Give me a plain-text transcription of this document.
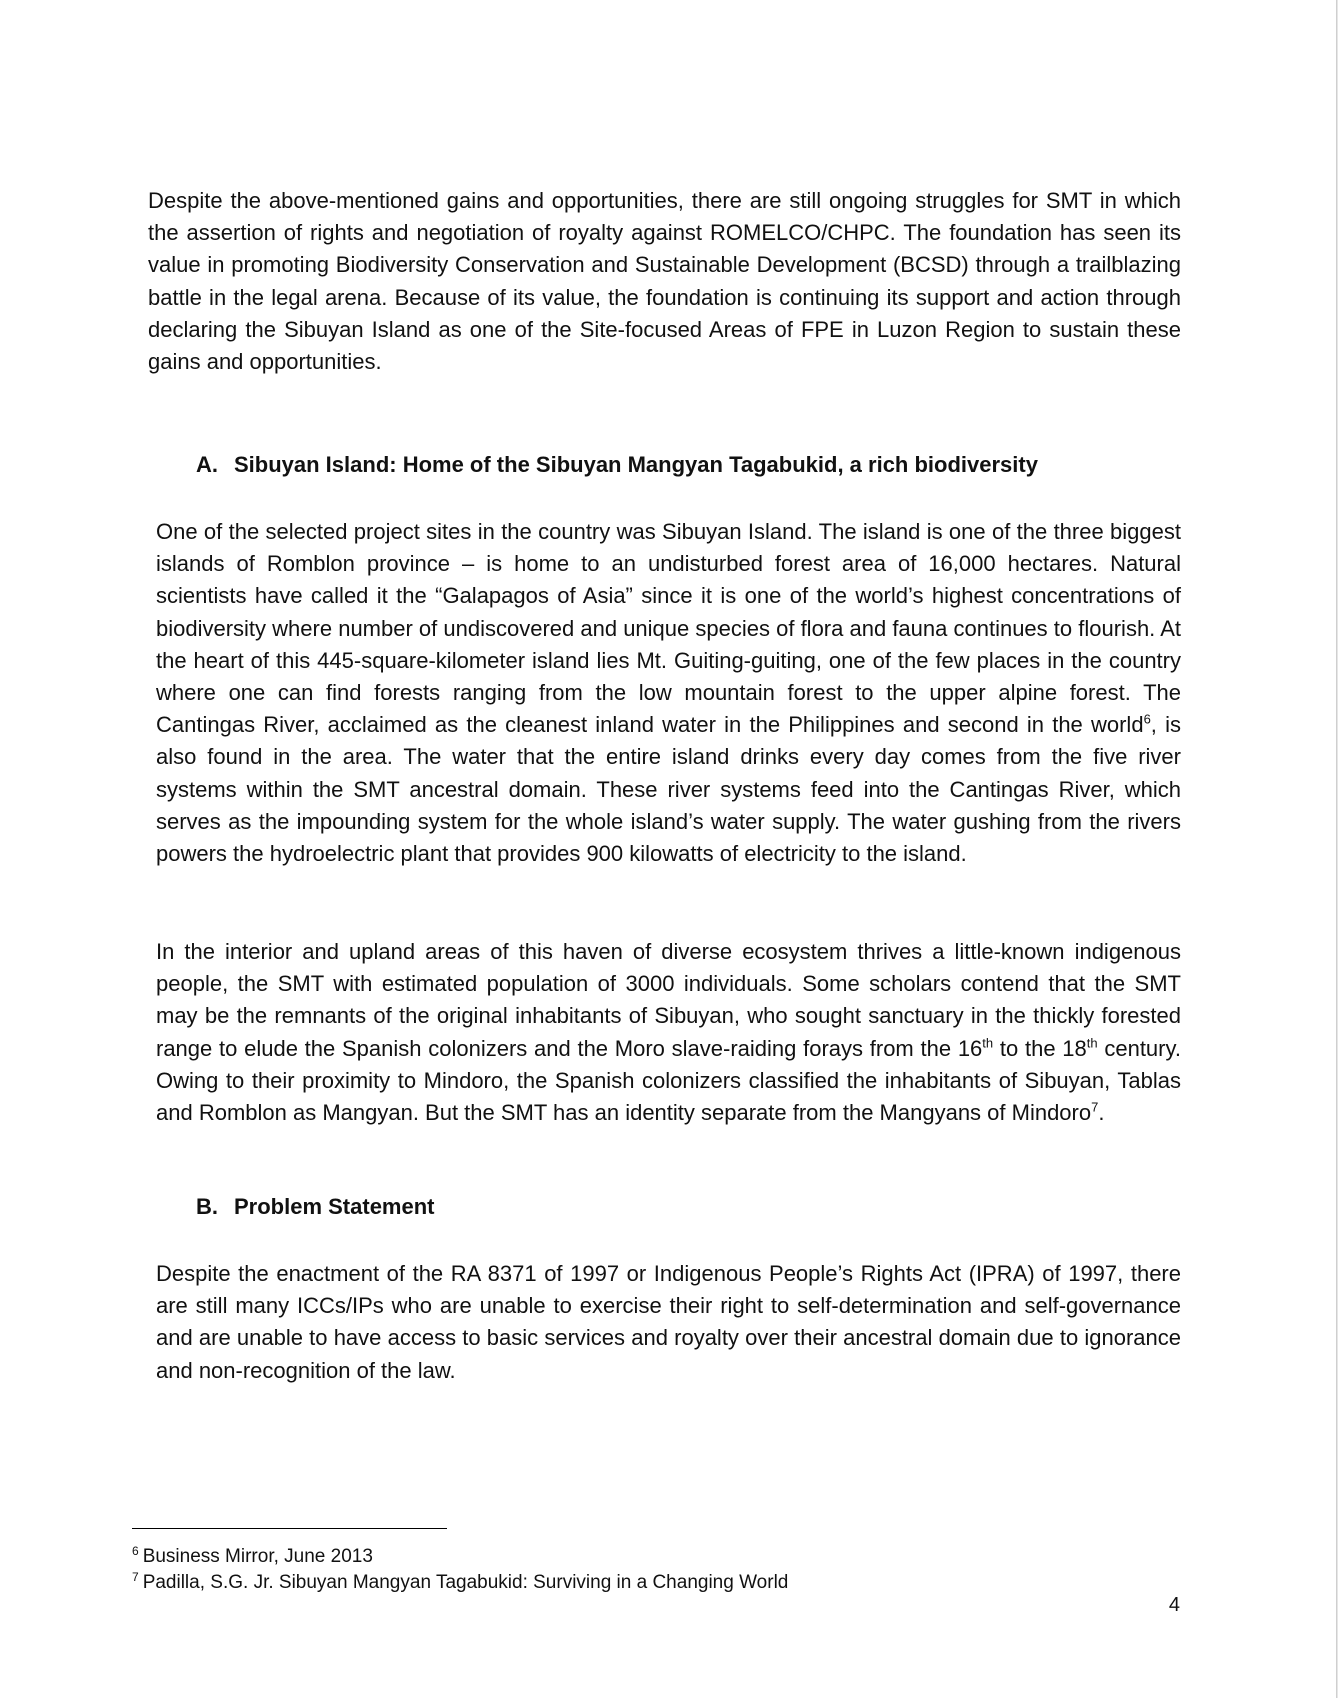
Despite the above-mentioned gains and opportunities, there are still ongoing struggles for SMT in which the assertion of rights and negotiation of royalty against ROMELCO/CHPC. The foundation has seen its value in promoting Biodiversity Conservation and Sustainable Development (BCSD) through a trailblazing battle in the legal arena. Because of its value, the foundation is continuing its support and action through declaring the Sibuyan Island as one of the Site-focused Areas of FPE in Luzon Region to sustain these gains and opportunities.

A. Sibuyan Island: Home of the Sibuyan Mangyan Tagabukid, a rich biodiversity

One of the selected project sites in the country was Sibuyan Island. The island is one of the three biggest islands of Romblon province – is home to an undisturbed forest area of 16,000 hectares. Natural scientists have called it the “Galapagos of Asia” since it is one of the world’s highest concentrations of biodiversity where number of undiscovered and unique species of flora and fauna continues to flourish. At the heart of this 445-square-kilometer island lies Mt. Guiting-guiting, one of the few places in the country where one can find forests ranging from the low mountain forest to the upper alpine forest. The Cantingas River, acclaimed as the cleanest inland water in the Philippines and second in the world$^6$, is also found in the area. The water that the entire island drinks every day comes from the five river systems within the SMT ancestral domain. These river systems feed into the Cantingas River, which serves as the impounding system for the whole island’s water supply. The water gushing from the rivers powers the hydroelectric plant that provides 900 kilowatts of electricity to the island.

In the interior and upland areas of this haven of diverse ecosystem thrives a little-known indigenous people, the SMT with estimated population of 3000 individuals. Some scholars contend that the SMT may be the remnants of the original inhabitants of Sibuyan, who sought sanctuary in the thickly forested range to elude the Spanish colonizers and the Moro slave-raiding forays from the 16th to the 18th century. Owing to their proximity to Mindoro, the Spanish colonizers classified the inhabitants of Sibuyan, Tablas and Romblon as Mangyan. But the SMT has an identity separate from the Mangyans of Mindoro$^7$.

B. Problem Statement

Despite the enactment of the RA 8371 of 1997 or Indigenous People’s Rights Act (IPRA) of 1997, there are still many ICCs/IPs who are unable to exercise their right to self-determination and self-governance and are unable to have access to basic services and royalty over their ancestral domain due to ignorance and non-recognition of the law.

$^6$ Business Mirror, June 2013

$^7$ Padilla, S.G. Jr. Sibuyan Mangyan Tagabukid: Surviving in a Changing World

4
